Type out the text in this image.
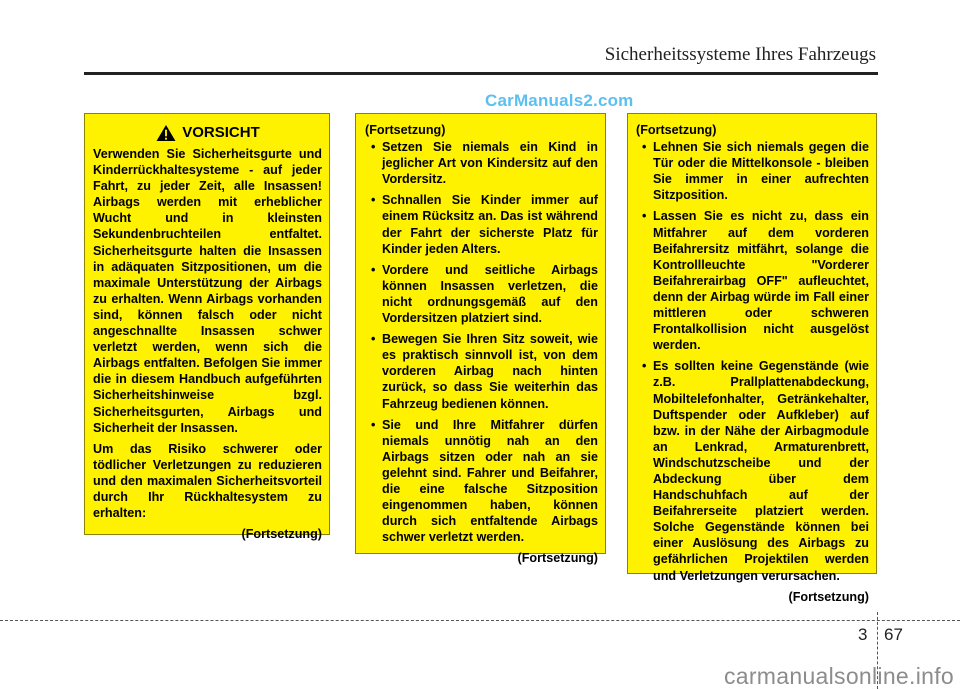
Sicherheitssysteme Ihres Fahrzeugs
CarManuals2.com
VORSICHT

Verwenden Sie Sicherheitsgurte und Kinderrückhaltesysteme - auf jeder Fahrt, zu jeder Zeit, alle Insassen! Airbags werden mit erheblicher Wucht und in kleinsten Sekundenbruchteilen entfaltet. Sicherheitsgurte halten die Insassen in adäquaten Sitzpositionen, um die maximale Unterstützung der Airbags zu erhalten. Wenn Airbags vorhanden sind, können falsch oder nicht angeschnallte Insassen schwer verletzt werden, wenn sich die Airbags entfalten. Befolgen Sie immer die in diesem Handbuch aufgeführten Sicherheitshinweise bzgl. Sicherheitsgurten, Airbags und Sicherheit der Insassen.

Um das Risiko schwerer oder tödlicher Verletzungen zu reduzieren und den maximalen Sicherheitsvorteil durch Ihr Rückhaltesystem zu erhalten:

(Fortsetzung)
(Fortsetzung)
• Setzen Sie niemals ein Kind in jeglicher Art von Kindersitz auf den Vordersitz.
• Schnallen Sie Kinder immer auf einem Rücksitz an. Das ist während der Fahrt der sicherste Platz für Kinder jeden Alters.
• Vordere und seitliche Airbags können Insassen verletzen, die nicht ordnungsgemäß auf den Vordersitzen platziert sind.
• Bewegen Sie Ihren Sitz soweit, wie es praktisch sinnvoll ist, von dem vorderen Airbag nach hinten zurück, so dass Sie weiterhin das Fahrzeug bedienen können.
• Sie und Ihre Mitfahrer dürfen niemals unnötig nah an den Airbags sitzen oder nah an sie gelehnt sind. Fahrer und Beifahrer, die eine falsche Sitzposition eingenommen haben, können durch sich entfaltende Airbags schwer verletzt werden.
(Fortsetzung)
(Fortsetzung)
• Lehnen Sie sich niemals gegen die Tür oder die Mittelkonsole - bleiben Sie immer in einer aufrechten Sitzposition.
• Lassen Sie es nicht zu, dass ein Mitfahrer auf dem vorderen Beifahrersitz mitfährt, solange die Kontrollleuchte "Vorderer Beifahrerairbag OFF" aufleuchtet, denn der Airbag würde im Fall einer mittleren oder schweren Frontalkollision nicht ausgelöst werden.
• Es sollten keine Gegenstände (wie z.B. Prallplattenabdeckung, Mobiltelefonhalter, Getränkehalter, Duftspender oder Aufkleber) auf bzw. in der Nähe der Airbagmodule an Lenkrad, Armaturenbrett, Windschutzscheibe und der Abdeckung über dem Handschuhfach auf der Beifahrerseite platziert werden. Solche Gegenstände können bei einer Auslösung des Airbags zu gefährlichen Projektilen werden und Verletzungen verursachen.
(Fortsetzung)
3 67
carmanualsonline.info
